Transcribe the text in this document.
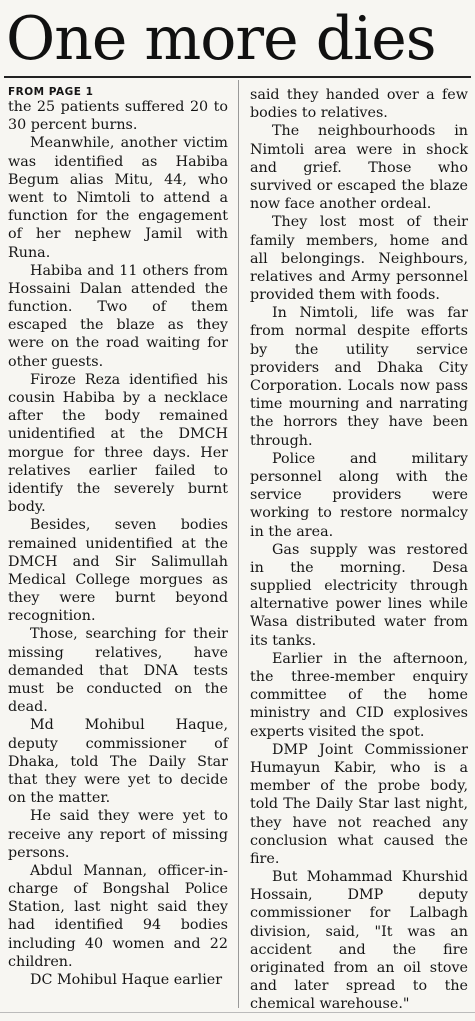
One more dies
FROM PAGE 1

the 25 patients suffered 20 to 30 percent burns.

Meanwhile, another victim was identified as Habiba Begum alias Mitu, 44, who went to Nimtoli to attend a function for the engagement of her nephew Jamil with Runa.

Habiba and 11 others from Hossaini Dalan attended the function. Two of them escaped the blaze as they were on the road waiting for other guests.

Firoze Reza identified his cousin Habiba by a necklace after the body remained unidentified at the DMCH morgue for three days. Her relatives earlier failed to identify the severely burnt body.

Besides, seven bodies remained unidentified at the DMCH and Sir Salimullah Medical College morgues as they were burnt beyond recognition.

Those, searching for their missing relatives, have demanded that DNA tests must be conducted on the dead.

Md Mohibul Haque, deputy commissioner of Dhaka, told The Daily Star that they were yet to decide on the matter.

He said they were yet to receive any report of missing persons.

Abdul Mannan, officer-in-charge of Bongshal Police Station, last night said they had identified 94 bodies including 40 women and 22 children.

DC Mohibul Haque earlier

said they handed over a few bodies to relatives.

The neighbourhoods in Nimtoli area were in shock and grief. Those who survived or escaped the blaze now face another ordeal.

They lost most of their family members, home and all belongings. Neighbours, relatives and Army personnel provided them with foods.

In Nimtoli, life was far from normal despite efforts by the utility service providers and Dhaka City Corporation. Locals now pass time mourning and narrating the horrors they have been through.

Police and military personnel along with the service providers were working to restore normalcy in the area.

Gas supply was restored in the morning. Desa supplied electricity through alternative power lines while Wasa distributed water from its tanks.

Earlier in the afternoon, the three-member enquiry committee of the home ministry and CID explosives experts visited the spot.

DMP Joint Commissioner Humayun Kabir, who is a member of the probe body, told The Daily Star last night, they have not reached any conclusion what caused the fire.

But Mohammad Khurshid Hossain, DMP deputy commissioner for Lalbagh division, said, "It was an accident and the fire originated from an oil stove and later spread to the chemical warehouse."
